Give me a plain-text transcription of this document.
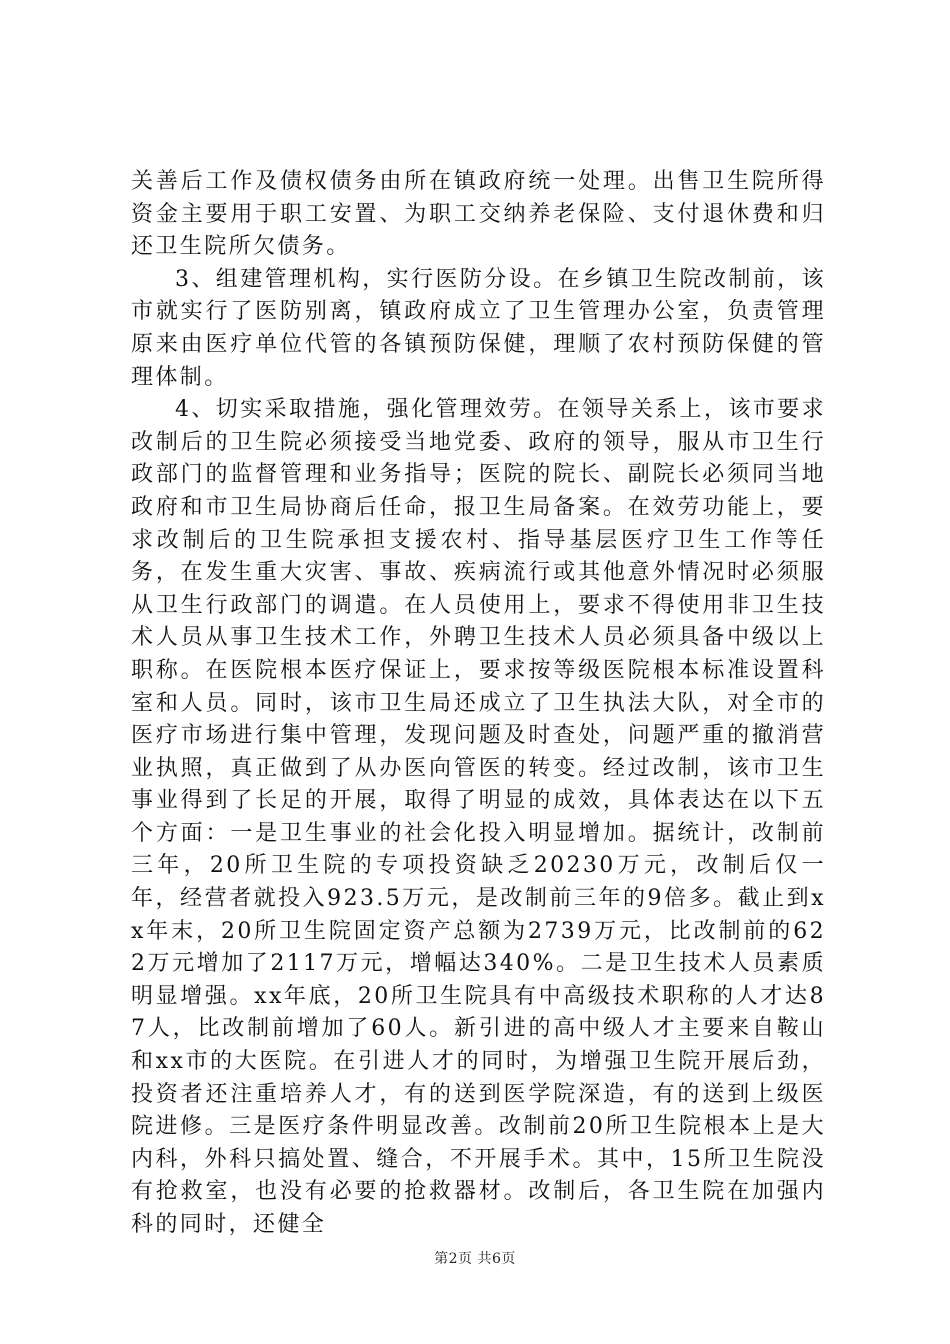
关善后工作及债权债务由所在镇政府统一处理。出售卫生院所得资金主要用于职工安置、为职工交纳养老保险、支付退休费和归还卫生院所欠债务。

3、组建管理机构，实行医防分设。在乡镇卫生院改制前，该市就实行了医防别离，镇政府成立了卫生管理办公室，负责管理原来由医疗单位代管的各镇预防保健，理顺了农村预防保健的管理体制。

4、切实采取措施，强化管理效劳。在领导关系上，该市要求改制后的卫生院必须接受当地党委、政府的领导，服从市卫生行政部门的监督管理和业务指导；医院的院长、副院长必须同当地政府和市卫生局协商后任命，报卫生局备案。在效劳功能上，要求改制后的卫生院承担支援农村、指导基层医疗卫生工作等任务，在发生重大灾害、事故、疾病流行或其他意外情况时必须服从卫生行政部门的调遣。在人员使用上，要求不得使用非卫生技术人员从事卫生技术工作，外聘卫生技术人员必须具备中级以上职称。在医院根本医疗保证上，要求按等级医院根本标准设置科室和人员。同时，该市卫生局还成立了卫生执法大队，对全市的医疗市场进行集中管理，发现问题及时查处，问题严重的撤消营业执照，真正做到了从办医向管医的转变。经过改制，该市卫生事业得到了长足的开展，取得了明显的成效，具体表达在以下五个方面：一是卫生事业的社会化投入明显增加。据统计，改制前三年，20所卫生院的专项投资缺乏20230万元，改制后仅一年，经营者就投入923.5万元，是改制前三年的9倍多。截止到xx年末，20所卫生院固定资产总额为2739万元，比改制前的622万元增加了2117万元，增幅达340%。二是卫生技术人员素质明显增强。xx年底，20所卫生院具有中高级技术职称的人才达87人，比改制前增加了60人。新引进的高中级人才主要来自鞍山和xx市的大医院。在引进人才的同时，为增强卫生院开展后劲，投资者还注重培养人才，有的送到医学院深造，有的送到上级医院进修。三是医疗条件明显改善。改制前20所卫生院根本上是大内科，外科只搞处置、缝合，不开展手术。其中，15所卫生院没有抢救室，也没有必要的抢救器材。改制后，各卫生院在加强内科的同时，还健全

第2页 共6页
